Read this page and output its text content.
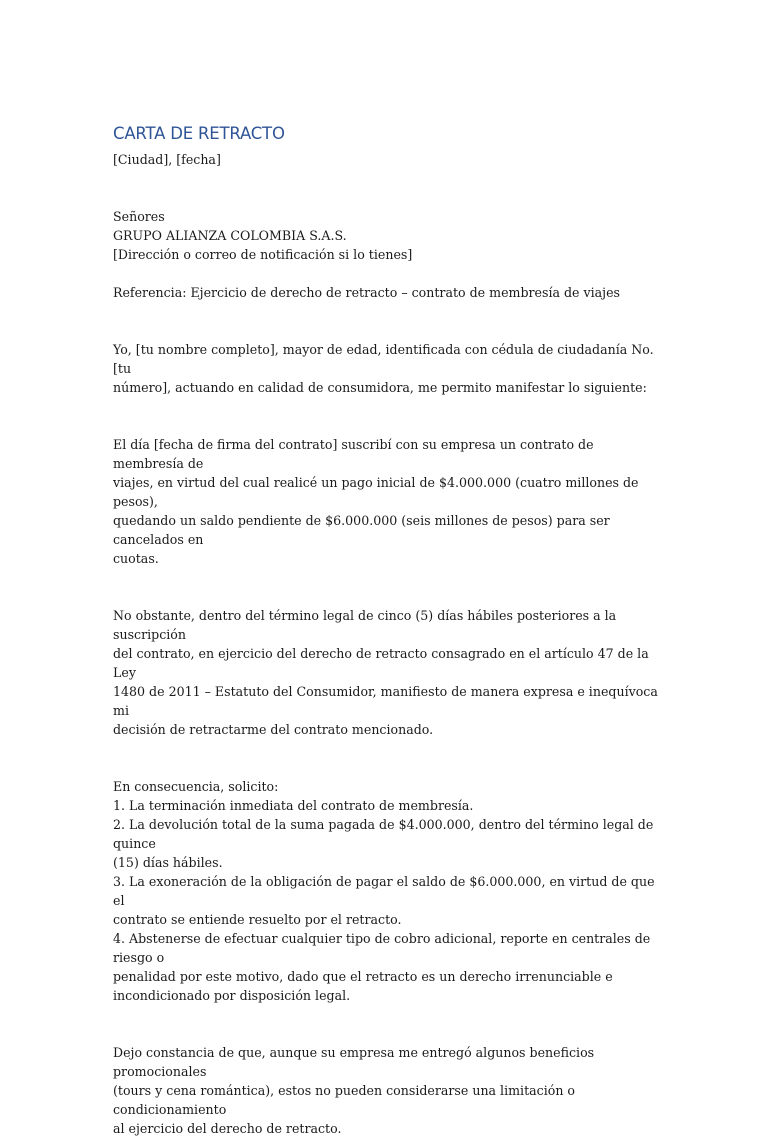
CARTA DE RETRACTO
[Ciudad], [fecha]
Señores
GRUPO ALIANZA COLOMBIA S.A.S.
[Dirección o correo de notificación si lo tienes]
Referencia: Ejercicio de derecho de retracto – contrato de membresía de viajes
Yo, [tu nombre completo], mayor de edad, identificada con cédula de ciudadanía No. [tu
número], actuando en calidad de consumidora, me permito manifestar lo siguiente:
El día [fecha de firma del contrato] suscribí con su empresa un contrato de membresía de
viajes, en virtud del cual realicé un pago inicial de $4.000.000 (cuatro millones de pesos),
quedando un saldo pendiente de $6.000.000 (seis millones de pesos) para ser cancelados en
cuotas.
No obstante, dentro del término legal de cinco (5) días hábiles posteriores a la suscripción
del contrato, en ejercicio del derecho de retracto consagrado en el artículo 47 de la Ley
1480 de 2011 – Estatuto del Consumidor, manifiesto de manera expresa e inequívoca mi
decisión de retractarme del contrato mencionado.
En consecuencia, solicito:
1. La terminación inmediata del contrato de membresía.
2. La devolución total de la suma pagada de $4.000.000, dentro del término legal de quince
(15) días hábiles.
3. La exoneración de la obligación de pagar el saldo de $6.000.000, en virtud de que el
contrato se entiende resuelto por el retracto.
4. Abstenerse de efectuar cualquier tipo de cobro adicional, reporte en centrales de riesgo o
penalidad por este motivo, dado que el retracto es un derecho irrenunciable e
incondicionado por disposición legal.
Dejo constancia de que, aunque su empresa me entregó algunos beneficios promocionales
(tours y cena romántica), estos no pueden considerarse una limitación o condicionamiento
al ejercicio del derecho de retracto.
